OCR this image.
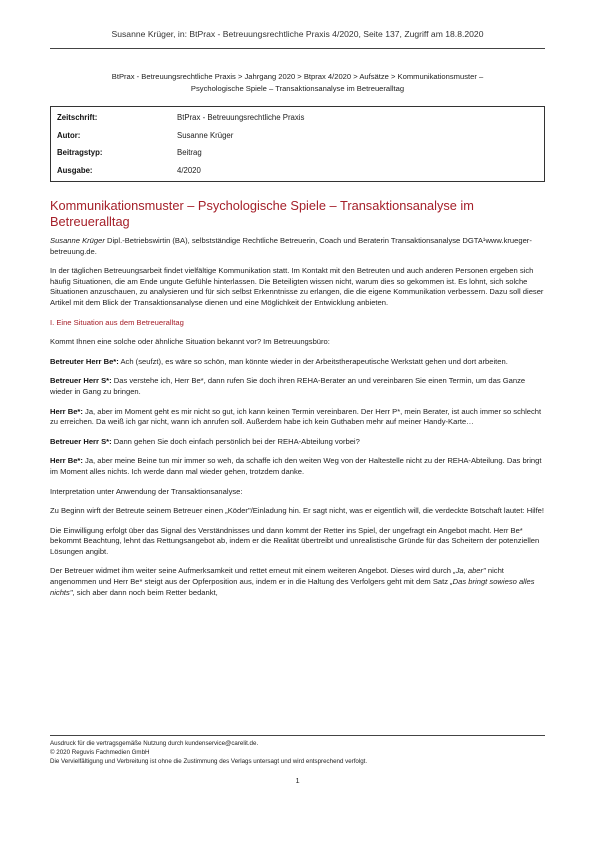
Susanne Krüger, in: BtPrax - Betreuungsrechtliche Praxis 4/2020, Seite 137, Zugriff am 18.8.2020
BtPrax - Betreuungsrechtliche Praxis > Jahrgang 2020 > Btprax 4/2020 > Aufsätze > Kommunikationsmuster –
Psychologische Spiele – Transaktionsanalyse im Betreueralltag
Zeitschrift:	BtPrax - Betreuungsrechtliche Praxis
Autor:	Susanne Krüger
Beitragstyp:	Beitrag
Ausgabe:	4/2020
Kommunikationsmuster – Psychologische Spiele – Transaktionsanalyse im Betreueralltag

Susanne Krüger Dipl.-Betriebswirtin (BA), selbstständige Rechtliche Betreuerin, Coach und Beraterin Transaktionsanalyse DGTA¹www.krueger-betreuung.de.

In der täglichen Betreuungsarbeit findet vielfältige Kommunikation statt. Im Kontakt mit den Betreuten und auch anderen Personen ergeben sich häufig Situationen, die am Ende ungute Gefühle hinterlassen. Die Beteiligten wissen nicht, warum dies so gekommen ist. Es lohnt, sich solche Situationen anzuschauen, zu analysieren und für sich selbst Erkenntnisse zu erlangen, die die eigene Kommunikation verbessern. Dazu soll dieser Artikel mit dem Blick der Transaktionsanalyse dienen und eine Möglichkeit der Entwicklung anbieten.

I. Eine Situation aus dem Betreueralltag

Kommt Ihnen eine solche oder ähnliche Situation bekannt vor? Im Betreuungsbüro:

Betreuter Herr Be*: Ach (seufzt), es wäre so schön, man könnte wieder in der Arbeitstherapeutische Werkstatt gehen und dort arbeiten.

Betreuer Herr S*: Das verstehe ich, Herr Be*, dann rufen Sie doch ihren REHA-Berater an und vereinbaren Sie einen Termin, um das Ganze wieder in Gang zu bringen.

Herr Be*: Ja, aber im Moment geht es mir nicht so gut, ich kann keinen Termin vereinbaren. Der Herr P*, mein Berater, ist auch immer so schlecht zu erreichen. Da weiß ich gar nicht, wann ich anrufen soll. Außerdem habe ich kein Guthaben mehr auf meiner Handy-Karte…

Betreuer Herr S*: Dann gehen Sie doch einfach persönlich bei der REHA-Abteilung vorbei?

Herr Be*: Ja, aber meine Beine tun mir immer so weh, da schaffe ich den weiten Weg von der Haltestelle nicht zu der REHA-Abteilung. Das bringt im Moment alles nichts. Ich werde dann mal wieder gehen, trotzdem danke.

Interpretation unter Anwendung der Transaktionsanalyse:

Zu Beginn wirft der Betreute seinem Betreuer einen „Köder"/Einladung hin. Er sagt nicht, was er eigentlich will, die verdeckte Botschaft lautet: Hilfe!

Die Einwilligung erfolgt über das Signal des Verständnisses und dann kommt der Retter ins Spiel, der ungefragt ein Angebot macht. Herr Be* bekommt Beachtung, lehnt das Rettungsangebot ab, indem er die Realität übertreibt und unrealistische Gründe für das Scheitern der potenziellen Lösungen angibt.

Der Betreuer widmet ihm weiter seine Aufmerksamkeit und rettet erneut mit einem weiteren Angebot. Dieses wird durch „Ja, aber" nicht angenommen und Herr Be* steigt aus der Opferposition aus, indem er in die Haltung des Verfolgers geht mit dem Satz „Das bringt sowieso alles nichts", sich aber dann noch beim Retter bedankt,

Ausdruck für die vertragsgemäße Nutzung durch kundenservice@carelit.de.
© 2020 Reguvis Fachmedien GmbH
Die Vervielfältigung und Verbreitung ist ohne die Zustimmung des Verlags untersagt und wird entsprechend verfolgt.
1
